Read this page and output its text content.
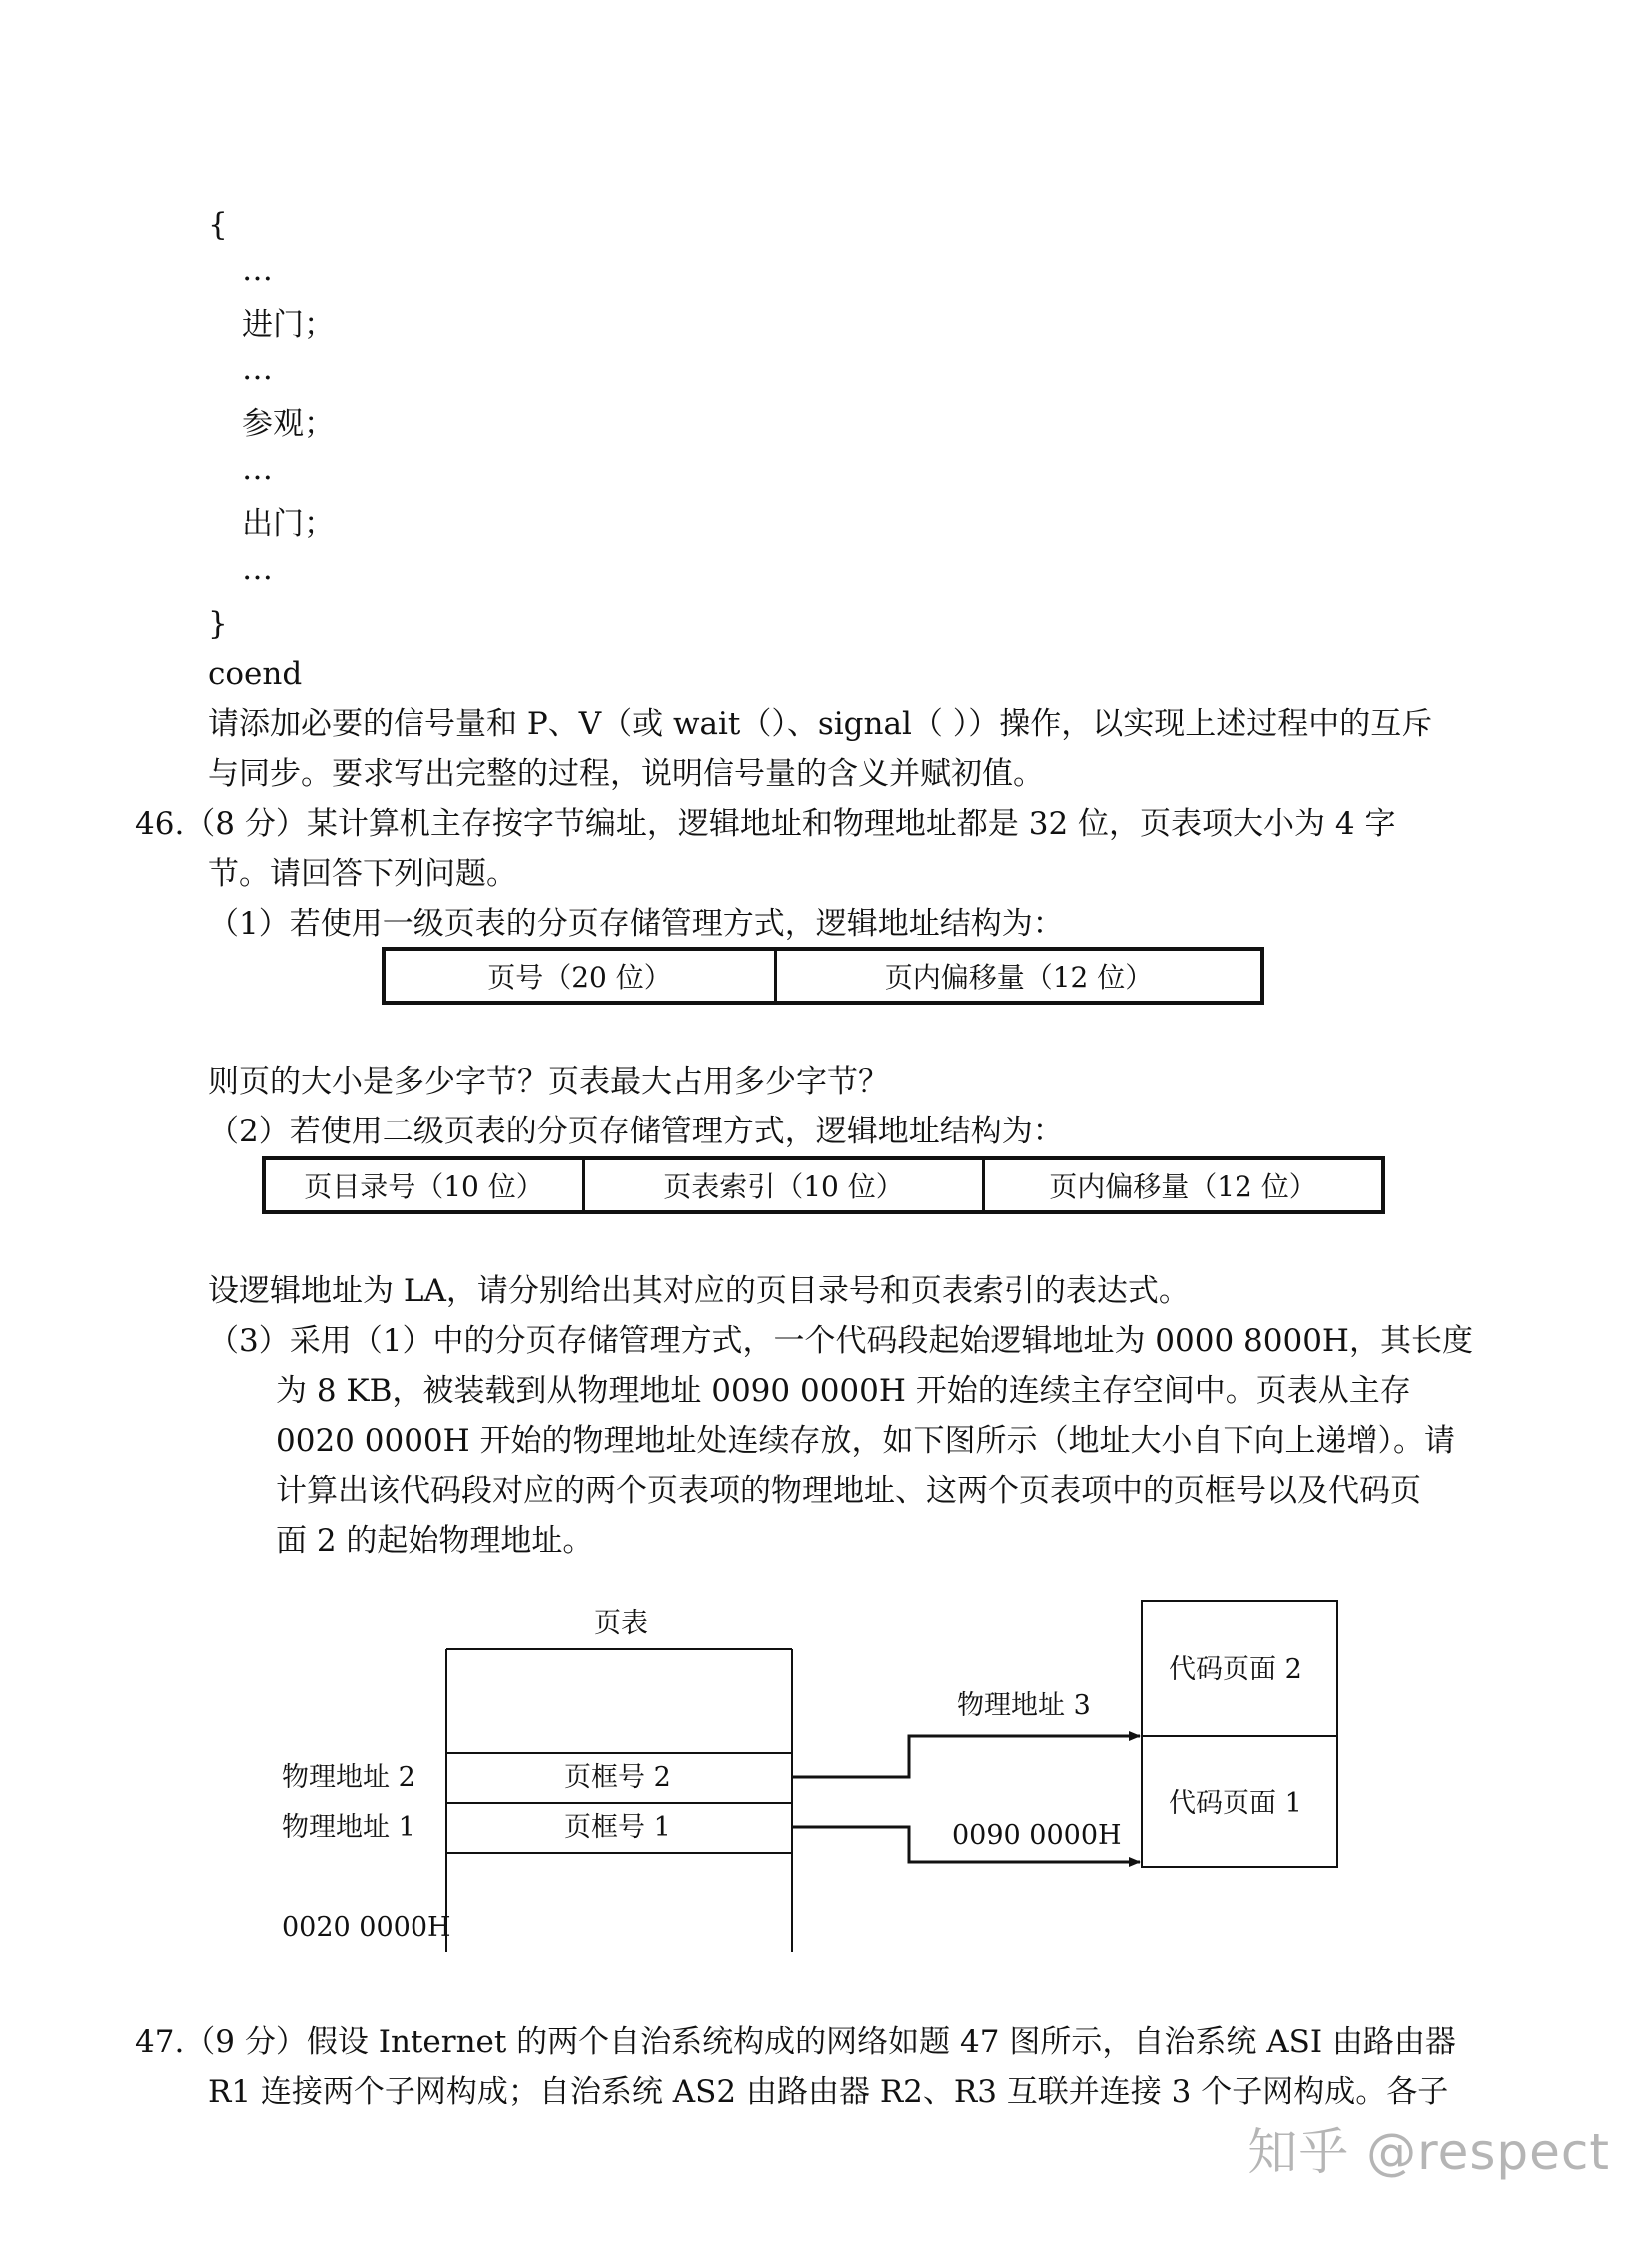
{
…
进门；
…
参观；
…
出门；
…
}
coend
请添加必要的信号量和 P、V（或 wait（）、signal（ ））操作，以实现上述过程中的互斥
与同步。要求写出完整的过程，说明信号量的含义并赋初值。
46.（8 分）某计算机主存按字节编址，逻辑地址和物理地址都是 32 位，页表项大小为 4 字
节。请回答下列问题。
（1）若使用一级页表的分页存储管理方式，逻辑地址结构为：
页号（20 位）	页内偏移量（12 位）
则页的大小是多少字节？页表最大占用多少字节？
（2）若使用二级页表的分页存储管理方式，逻辑地址结构为：
页目录号（10 位）	页表索引（10 位）	页内偏移量（12 位）
设逻辑地址为 LA，请分别给出其对应的页目录号和页表索引的表达式。
（3）采用（1）中的分页存储管理方式，一个代码段起始逻辑地址为 0000 8000H，其长度
为 8 KB，被装载到从物理地址 0090 0000H 开始的连续主存空间中。页表从主存
0020 0000H 开始的物理地址处连续存放，如下图所示（地址大小自下向上递增）。请
计算出该代码段对应的两个页表项的物理地址、这两个页表项中的页框号以及代码页
面 2 的起始物理地址。
页表
页框号 2
页框号 1
物理地址 2
物理地址 1
0020 0000H
物理地址 3
0090 0000H
代码页面 2
代码页面 1
47.（9 分）假设 Internet 的两个自治系统构成的网络如题 47 图所示，自治系统 ASI 由路由器
R1 连接两个子网构成；自治系统 AS2 由路由器 R2、R3 互联并连接 3 个子网构成。各子
知乎 @respect
